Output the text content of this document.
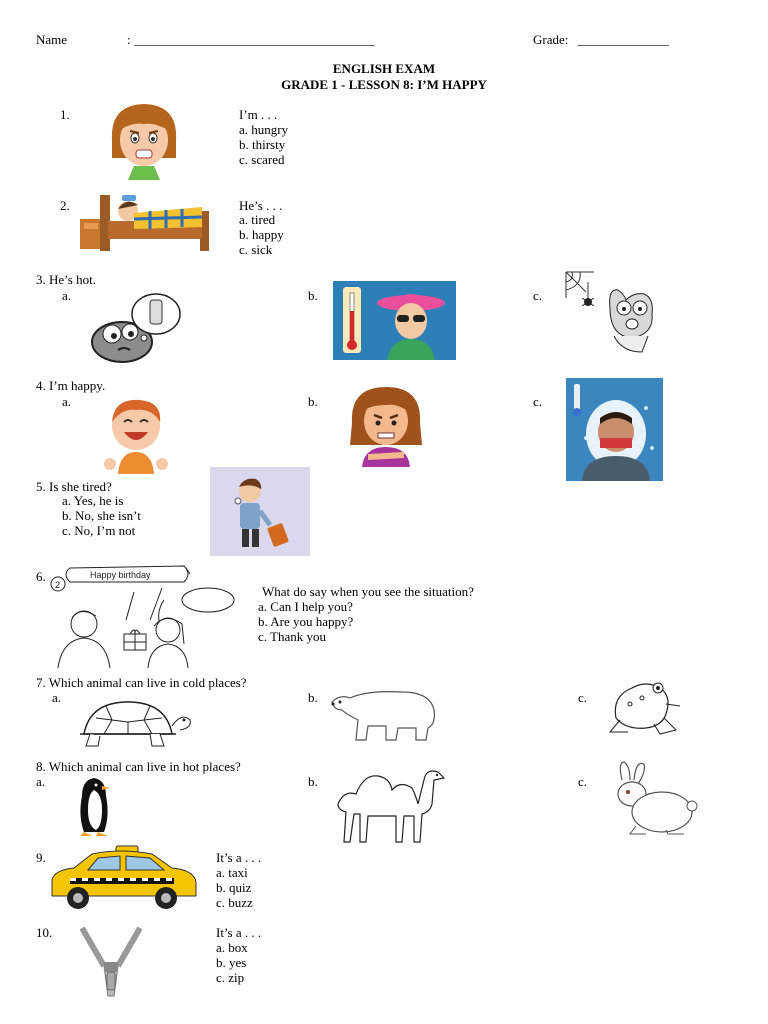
Name	: _____________________________________	Grade: ______________
ENGLISH EXAM
GRADE 1 - LESSON 8: I’M HAPPY
1.	I’m . . .
a. hungry
b. thirsty
c. scared
2.	He’s . . .
a. tired
b. happy
c. sick
3. He’s hot.
a.	b.	c.
4. I’m happy.
a.	b.	c.
5. Is she tired?
a. Yes, he is
b. No, she isn’t
c. No, I’m not
6.
2
Happy birthday
What do say when you see the situation?
a. Can I help you?
b. Are you happy?
c. Thank you
7. Which animal can live in cold places?
a.	b.	c.
8. Which animal can live in hot places?
a.	b.	c.
9.	It’s a . . .
a. taxi
b. quiz
c. buzz
10.	It’s a . . .
a. box
b. yes
c. zip
